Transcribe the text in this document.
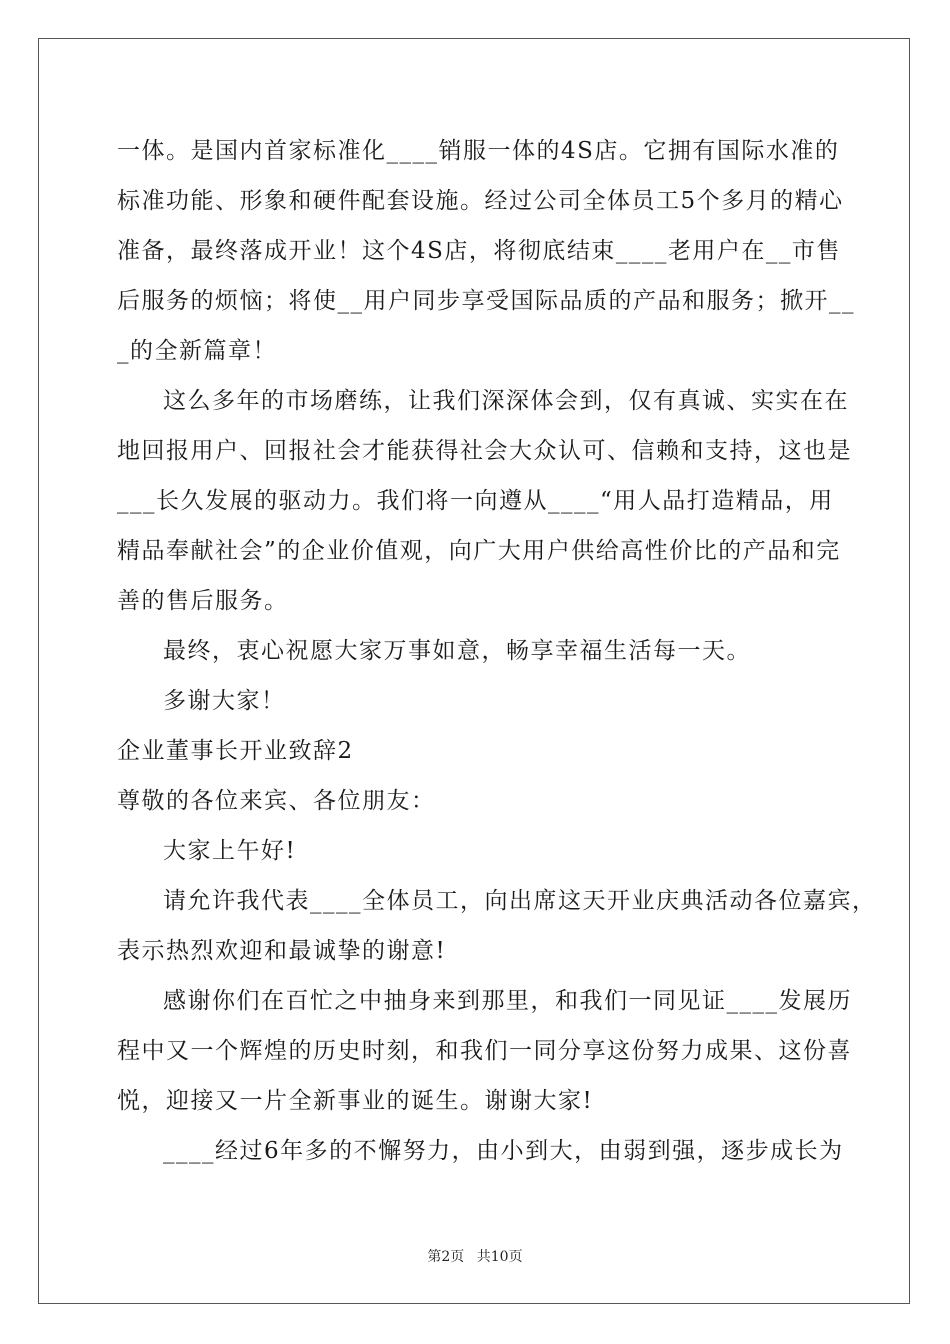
一体。是国内首家标准化____销服一体的4S店。它拥有国际水准的
标准功能、形象和硬件配套设施。经过公司全体员工5个多月的精心
准备，最终落成开业！这个4S店，将彻底结束____老用户在__市售
后服务的烦恼；将使__用户同步享受国际品质的产品和服务；掀开__
_的全新篇章！
这么多年的市场磨练，让我们深深体会到，仅有真诚、实实在在
地回报用户、回报社会才能获得社会大众认可、信赖和支持，这也是
___长久发展的驱动力。我们将一向遵从____“用人品打造精品，用
精品奉献社会”的企业价值观，向广大用户供给高性价比的产品和完
善的售后服务。
最终，衷心祝愿大家万事如意，畅享幸福生活每一天。
多谢大家！
企业董事长开业致辞2
尊敬的各位来宾、各位朋友：
大家上午好!
请允许我代表____全体员工，向出席这天开业庆典活动各位嘉宾，
表示热烈欢迎和最诚挚的谢意!
感谢你们在百忙之中抽身来到那里，和我们一同见证____发展历
程中又一个辉煌的历史时刻，和我们一同分享这份努力成果、这份喜
悦，迎接又一片全新事业的诞生。谢谢大家!
____经过6年多的不懈努力，由小到大，由弱到强，逐步成长为
第2页 共10页
